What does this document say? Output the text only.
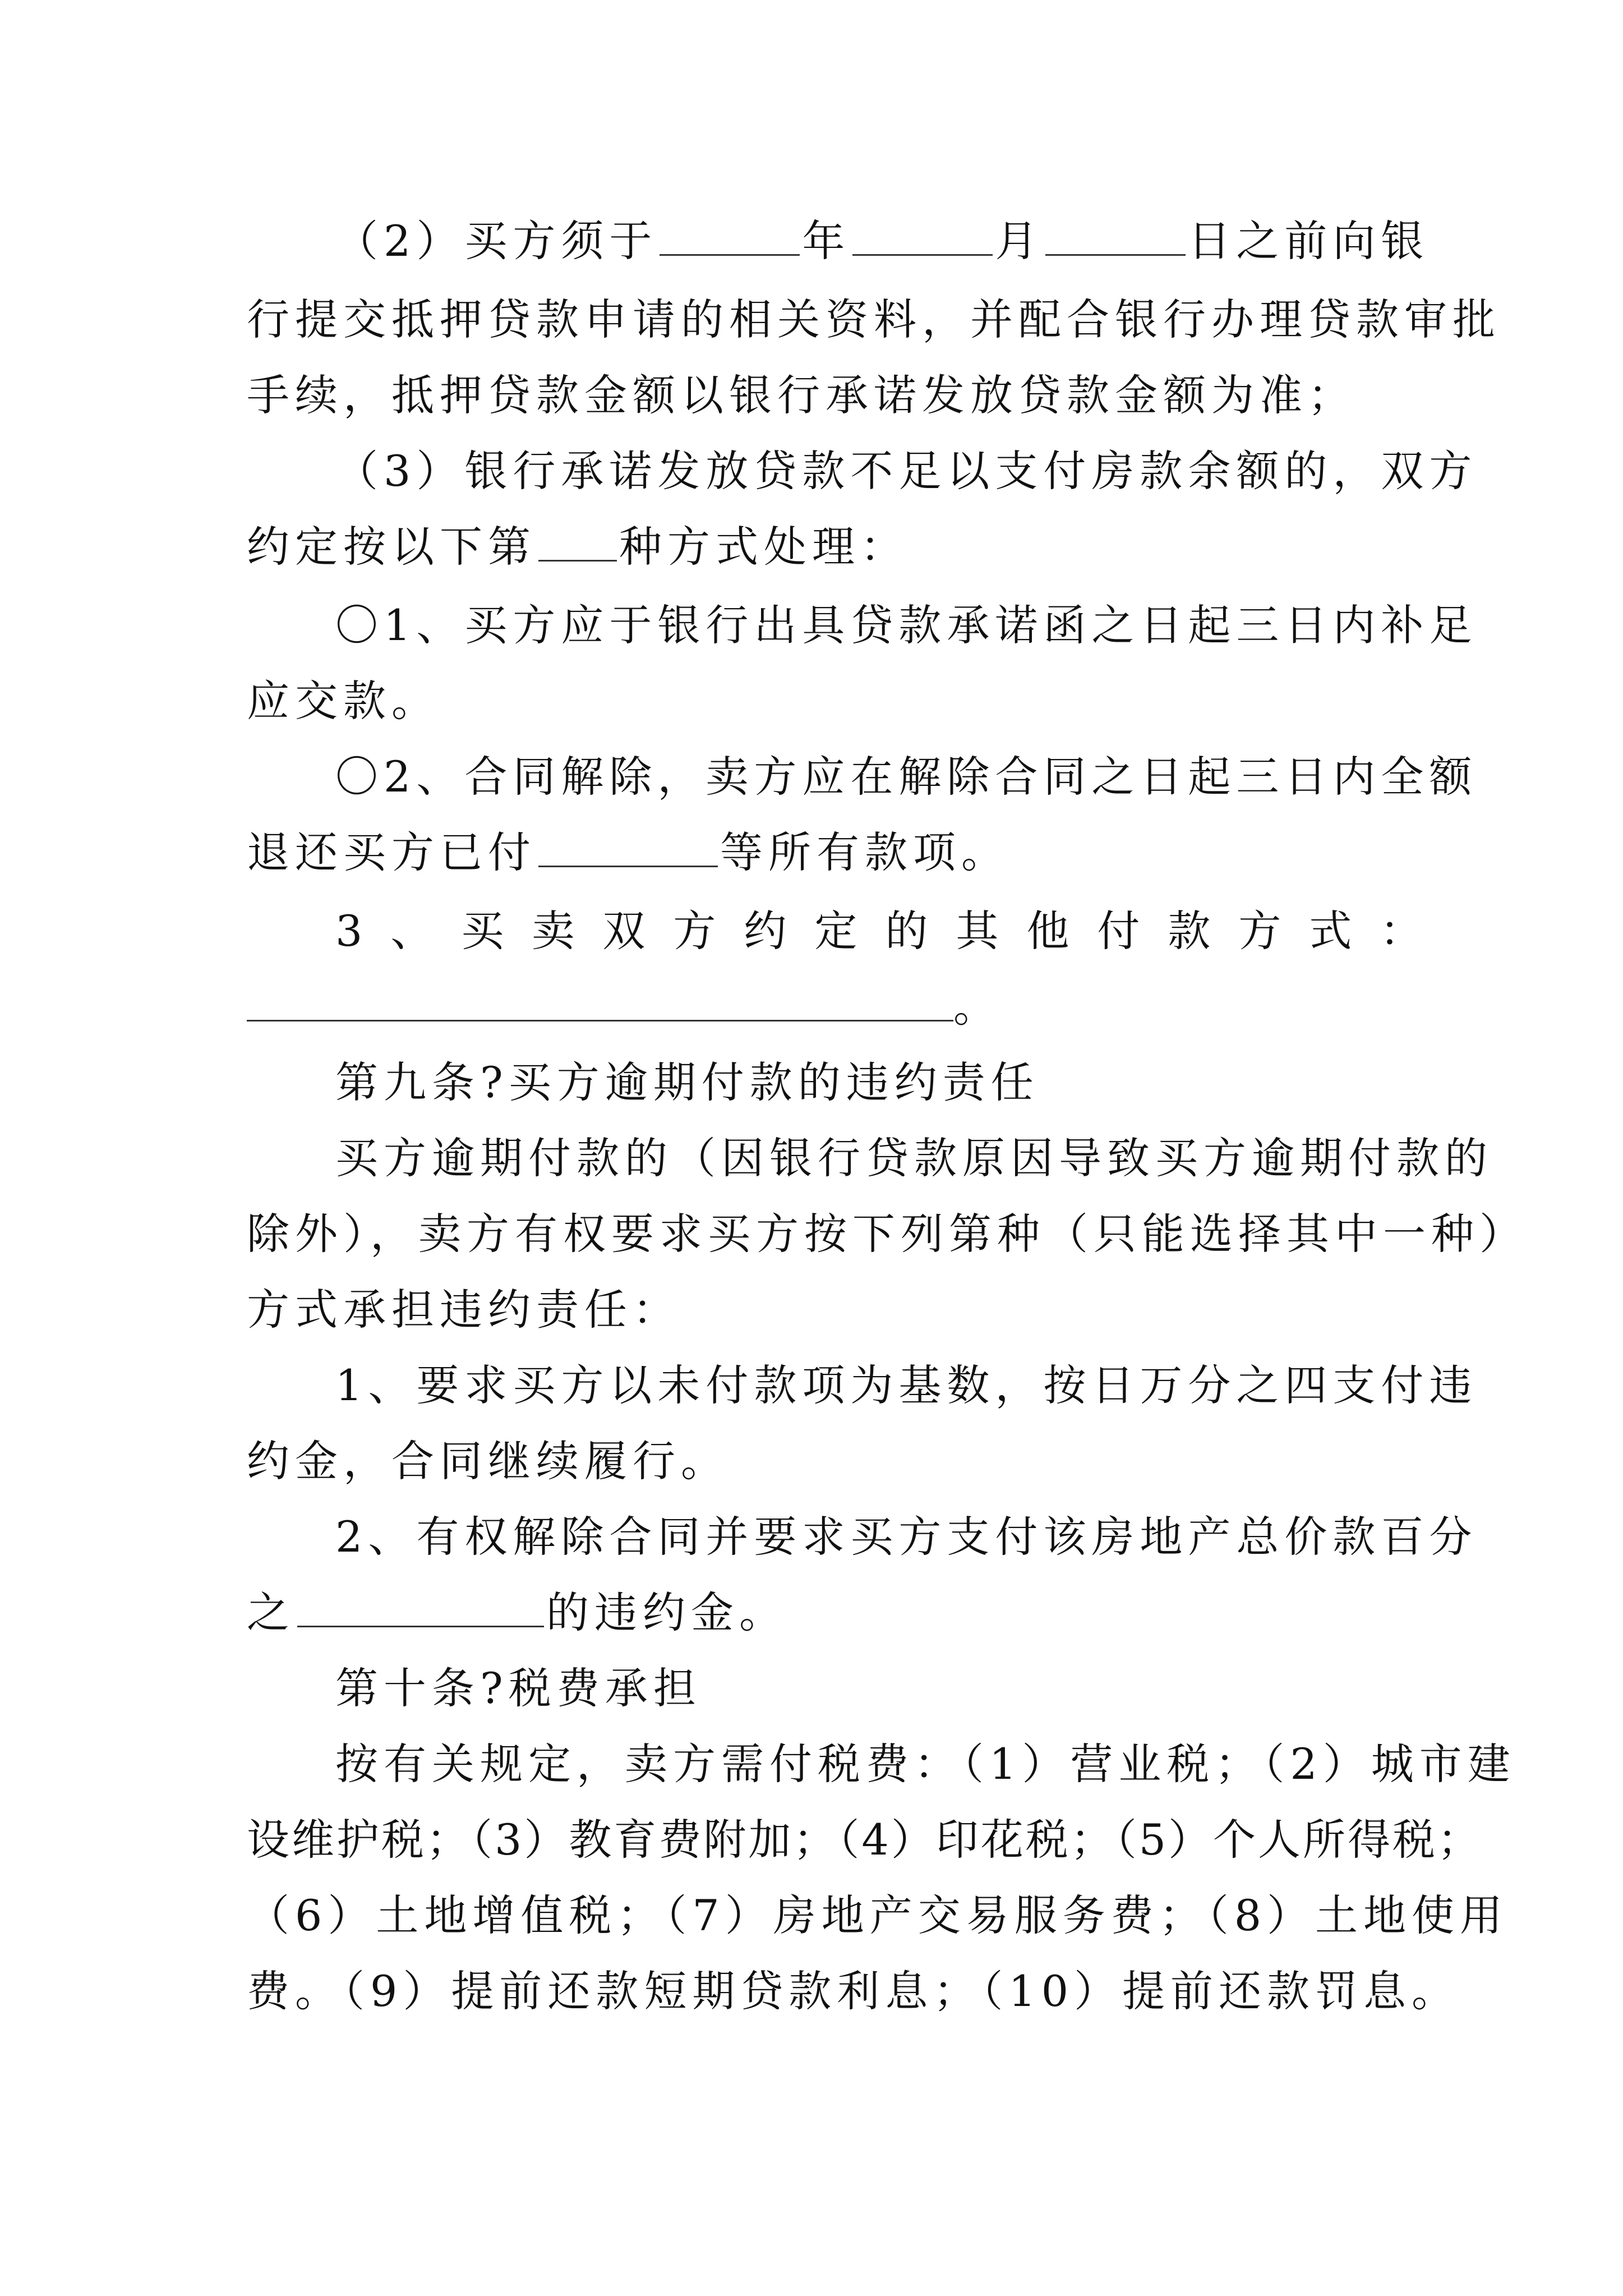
（2）买方须于	年	月	日之前向银
行提交抵押贷款申请的相关资料，并配合银行办理贷款审批
手续，抵押贷款金额以银行承诺发放贷款金额为准；
（3）银行承诺发放贷款不足以支付房款余额的，双方
约定按以下第 种方式处理：
〇1、买方应于银行出具贷款承诺函之日起三日内补足
应交款。
〇2、合同解除，卖方应在解除合同之日起三日内全额
退还买方已付	等所有款项。
3、买卖双方约定的其他付款方式：
。
第九条?买方逾期付款的违约责任
买方逾期付款的（因银行贷款原因导致买方逾期付款的
除外），卖方有权要求买方按下列第种（只能选择其中一种）
方式承担违约责任：
1、要求买方以未付款项为基数，按日万分之四支付违
约金，合同继续履行。
2、有权解除合同并要求买方支付该房地产总价款百分
之	的违约金。
第十条?税费承担
按有关规定，卖方需付税费：（1）营业税；（2）城市建
设维护税；（3）教育费附加；（4）印花税；（5）个人所得税；
（6）土地增值税；（7）房地产交易服务费；（8）土地使用
费。（9）提前还款短期贷款利息；（10）提前还款罚息。
